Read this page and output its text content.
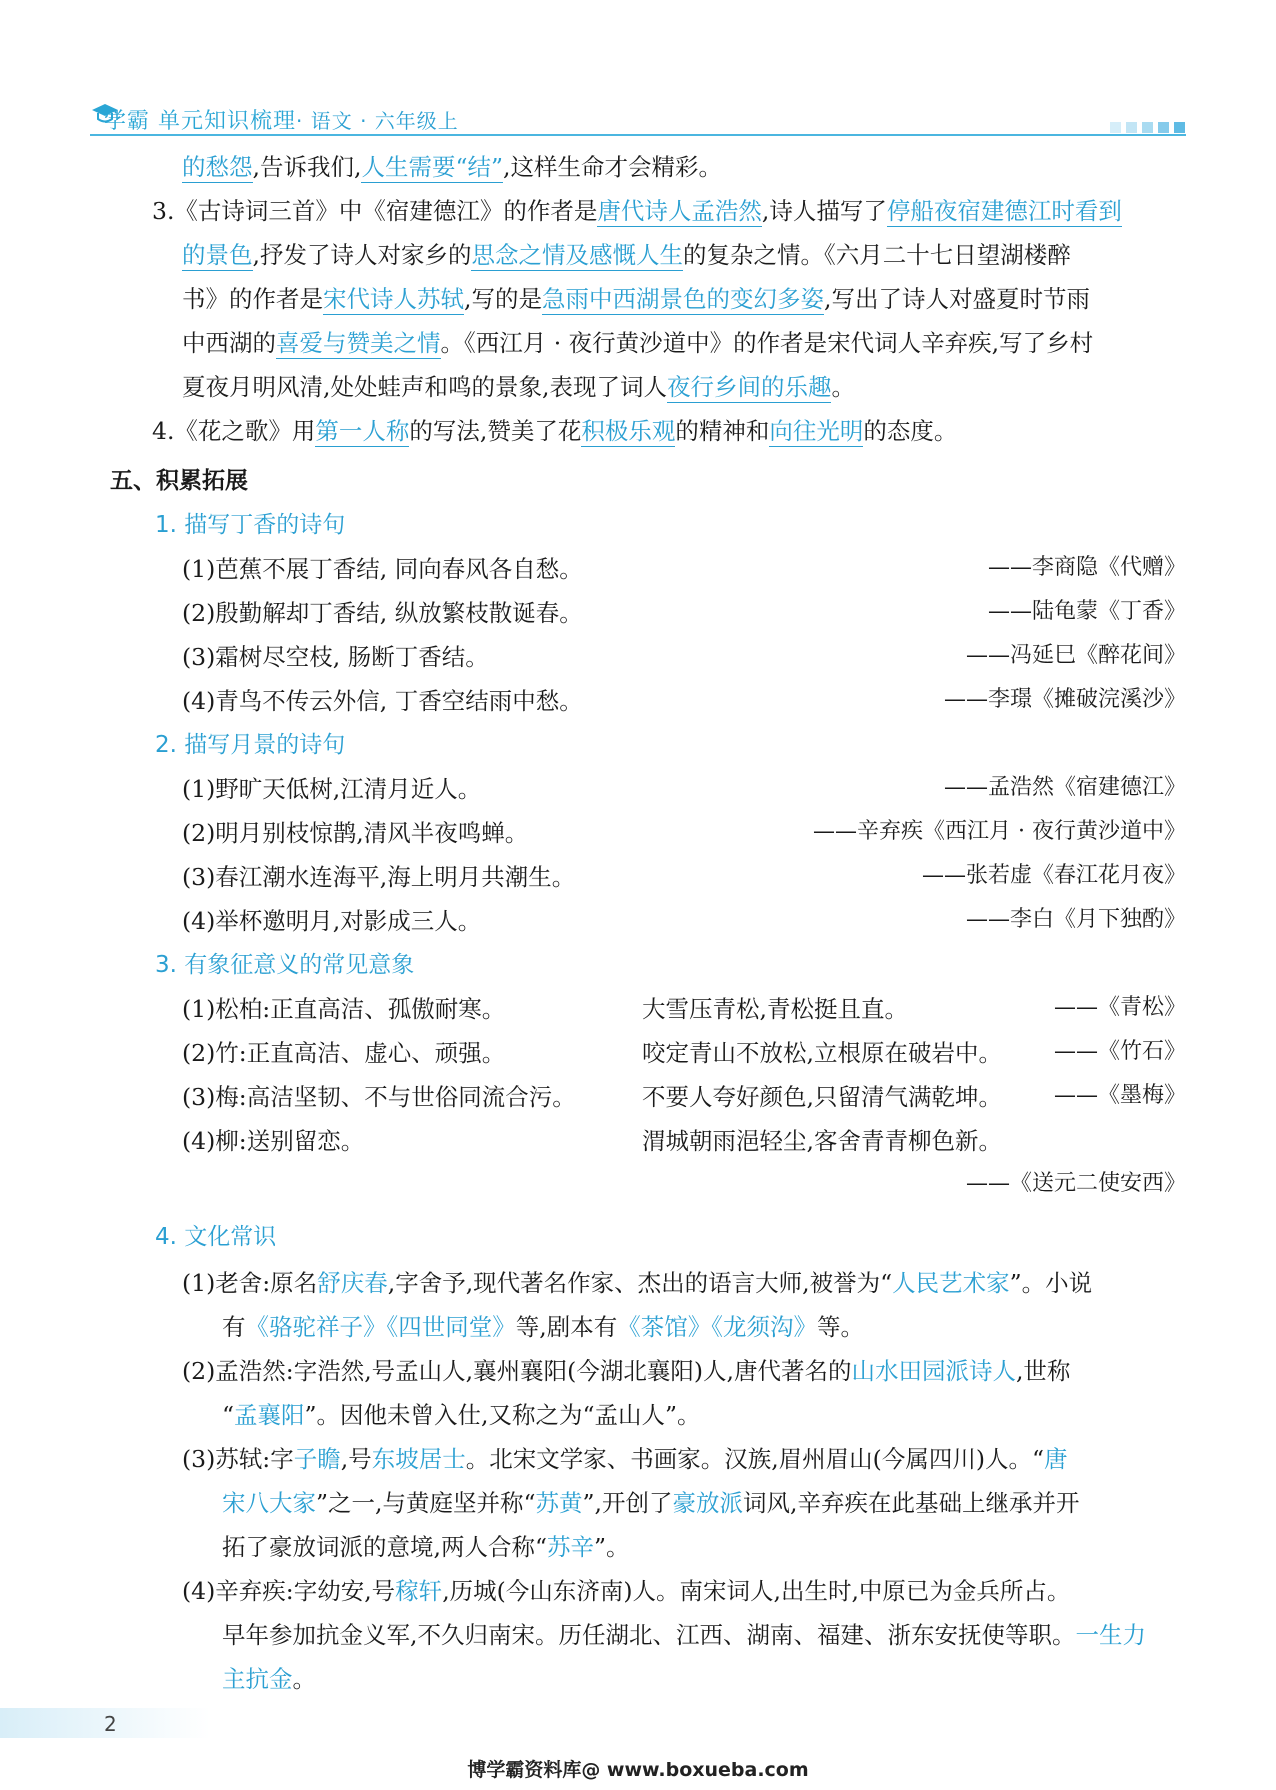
学霸 单元知识梳理· 语文 · 六年级上
的愁怨,告诉我们,人生需要“结”,这样生命才会精彩。
3.《古诗词三首》中《宿建德江》的作者是唐代诗人孟浩然,诗人描写了停船夜宿建德江时看到
的景色,抒发了诗人对家乡的思念之情及感慨人生的复杂之情。《六月二十七日望湖楼醉
书》的作者是宋代诗人苏轼,写的是急雨中西湖景色的变幻多姿,写出了诗人对盛夏时节雨
中西湖的喜爱与赞美之情。《西江月 · 夜行黄沙道中》的作者是宋代词人辛弃疾,写了乡村
夏夜月明风清,处处蛙声和鸣的景象,表现了词人夜行乡间的乐趣。
4.《花之歌》用第一人称的写法,赞美了花积极乐观的精神和向往光明的态度。
五、积累拓展
1. 描写丁香的诗句
(1)芭蕉不展丁香结, 同向春风各自愁。	——李商隐《代赠》
(2)殷勤解却丁香结, 纵放繁枝散诞春。	——陆龟蒙《丁香》
(3)霜树尽空枝, 肠断丁香结。	——冯延巳《醉花间》
(4)青鸟不传云外信, 丁香空结雨中愁。	——李璟《摊破浣溪沙》
2. 描写月景的诗句
(1)野旷天低树,江清月近人。	——孟浩然《宿建德江》
(2)明月别枝惊鹊,清风半夜鸣蝉。	——辛弃疾《西江月 · 夜行黄沙道中》
(3)春江潮水连海平,海上明月共潮生。	——张若虚《春江花月夜》
(4)举杯邀明月,对影成三人。	——李白《月下独酌》
3. 有象征意义的常见意象
(1)松柏:正直高洁、孤傲耐寒。	大雪压青松,青松挺且直。	——《青松》
(2)竹:正直高洁、虚心、顽强。	咬定青山不放松,立根原在破岩中。 ——《竹石》
(3)梅:高洁坚韧、不与世俗同流合污。	不要人夸好颜色,只留清气满乾坤。 ——《墨梅》
(4)柳:送别留恋。	渭城朝雨浥轻尘,客舍青青柳色新。
——《送元二使安西》
4. 文化常识
(1)老舍:原名舒庆春,字舍予,现代著名作家、杰出的语言大师,被誉为“人民艺术家”。小说
有《骆驼祥子》《四世同堂》等,剧本有《茶馆》《龙须沟》等。
(2)孟浩然:字浩然,号孟山人,襄州襄阳(今湖北襄阳)人,唐代著名的山水田园派诗人,世称
“孟襄阳”。因他未曾入仕,又称之为“孟山人”。
(3)苏轼:字子瞻,号东坡居士。北宋文学家、书画家。汉族,眉州眉山(今属四川)人。“唐
宋八大家”之一,与黄庭坚并称“苏黄”,开创了豪放派词风,辛弃疾在此基础上继承并开
拓了豪放词派的意境,两人合称“苏辛”。
(4)辛弃疾:字幼安,号稼轩,历城(今山东济南)人。南宋词人,出生时,中原已为金兵所占。
早年参加抗金义军,不久归南宋。历任湖北、江西、湖南、福建、浙东安抚使等职。一生力
主抗金。
2
博学霸资料库@ www.boxueba.com
